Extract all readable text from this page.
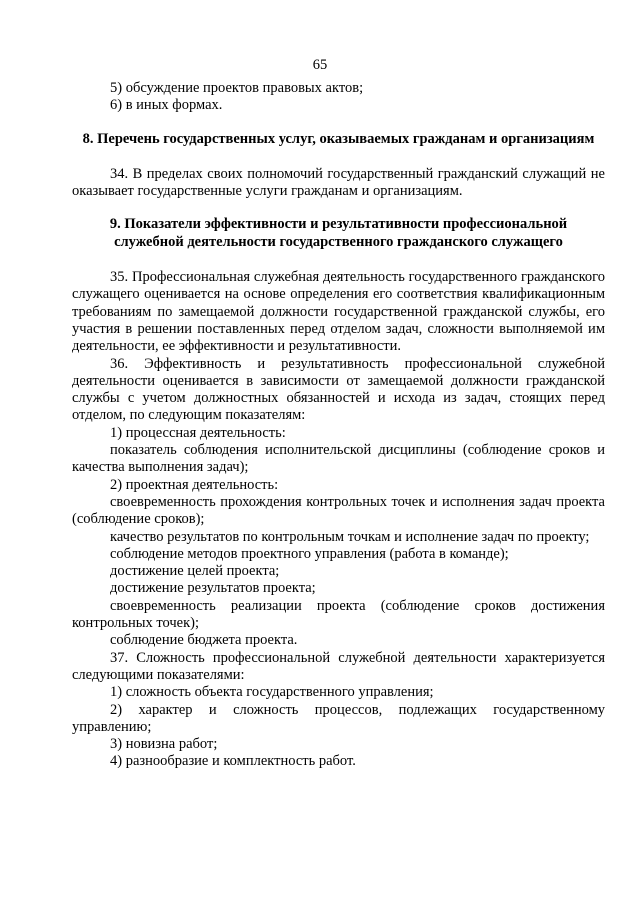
65

5) обсуждение проектов правовых актов;

6) в иных формах.

8. Перечень государственных услуг, оказываемых гражданам и организациям

34. В пределах своих полномочий государственный гражданский служащий не оказывает государственные услуги гражданам и организациям.

9. Показатели эффективности и результативности профессиональной
служебной деятельности государственного гражданского служащего

35. Профессиональная служебная деятельность государственного гражданского служащего оценивается на основе определения его соответствия квалификационным требованиям по замещаемой должности государственной гражданской службы, его участия в решении поставленных перед отделом задач, сложности выполняемой им деятельности, ее эффективности и результативности.

36. Эффективность и результативность профессиональной служебной деятельности оценивается в зависимости от замещаемой должности гражданской службы с учетом должностных обязанностей и исхода из задач, стоящих перед отделом, по следующим показателям:

1) процессная деятельность:

показатель соблюдения исполнительской дисциплины (соблюдение сроков и качества выполнения задач);

2) проектная деятельность:

своевременность прохождения контрольных точек и исполнения задач проекта (соблюдение сроков);

качество результатов по контрольным точкам и исполнение задач по проекту;

соблюдение методов проектного управления (работа в команде);

достижение целей проекта;

достижение результатов проекта;

своевременность реализации проекта (соблюдение сроков достижения контрольных точек);

соблюдение бюджета проекта.

37. Сложность профессиональной служебной деятельности характеризуется следующими показателями:

1) сложность объекта государственного управления;

2) характер и сложность процессов, подлежащих государственному управлению;

3) новизна работ;

4) разнообразие и комплектность работ.
